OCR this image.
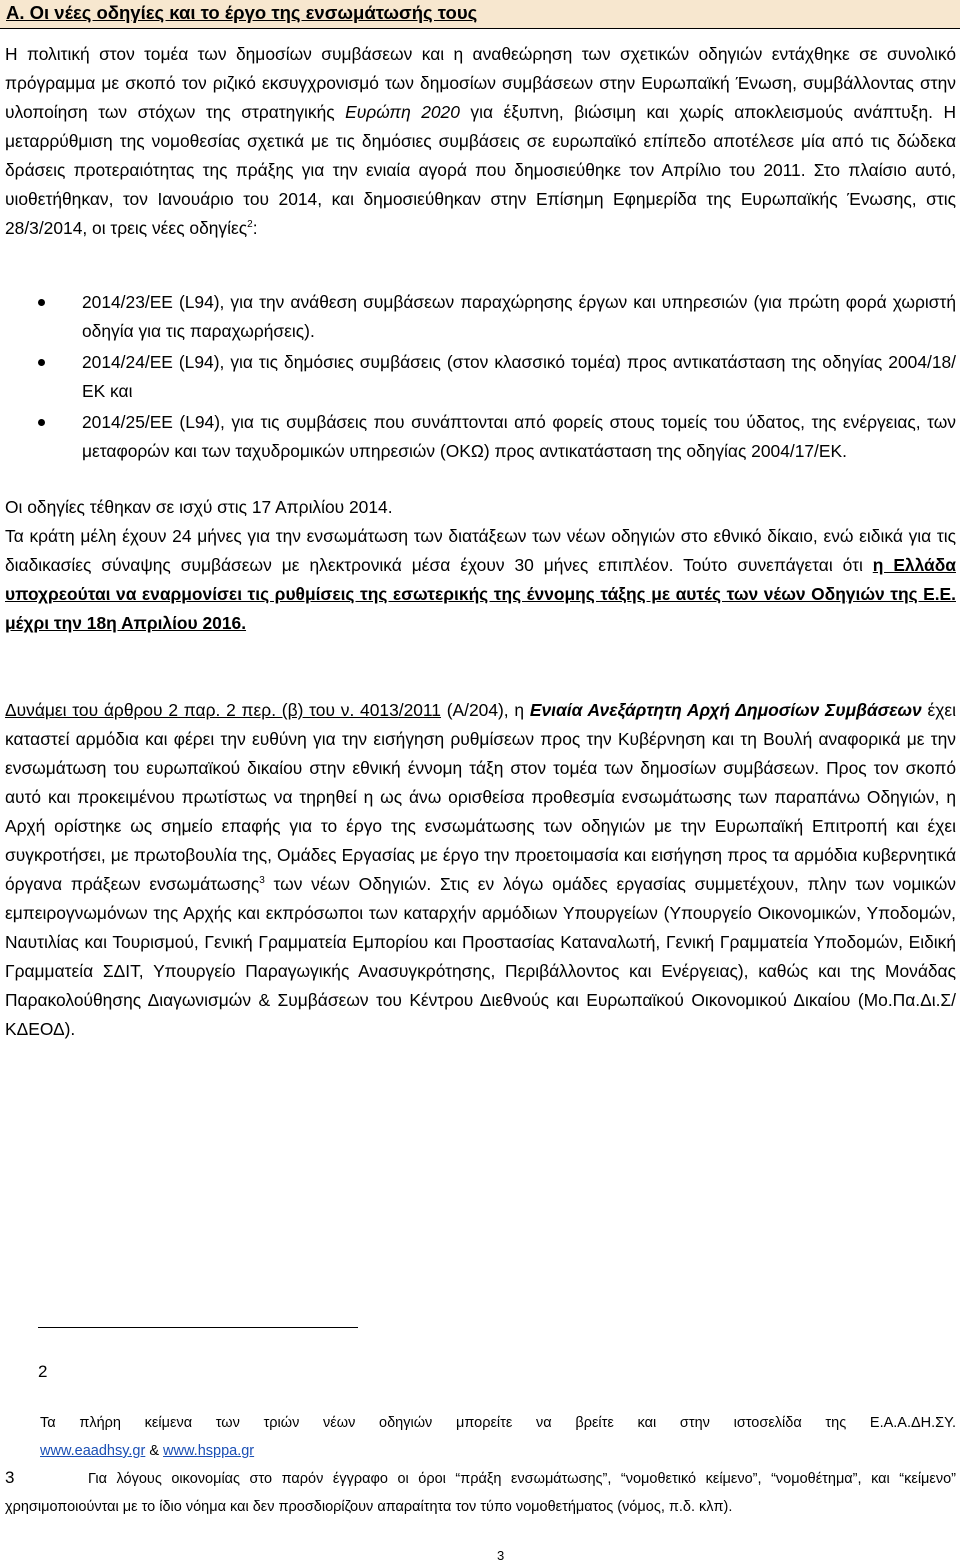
A. Οι νέες οδηγίες και το έργο της ενσωμάτωσής τους

Η πολιτική στον τομέα των δημοσίων συμβάσεων και η αναθεώρηση των σχετικών οδηγιών εντάχθηκε σε συνολικό πρόγραμμα με σκοπό τον ριζικό εκσυγχρονισμό των δημοσίων συμβάσεων στην Ευρωπαϊκή Ένωση, συμβάλλοντας στην υλοποίηση των στόχων της στρατηγικής Ευρώπη 2020 για έξυπνη, βιώσιμη και χωρίς αποκλεισμούς ανάπτυξη. Η μεταρρύθμιση της νομοθεσίας σχετικά με τις δημόσιες συμβάσεις σε ευρωπαϊκό επίπεδο αποτέλεσε μία από τις δώδεκα δράσεις προτεραιότητας της πράξης για την ενιαία αγορά που δημοσιεύθηκε τον Απρίλιο του 2011. Στο πλαίσιο αυτό, υιοθετήθηκαν, τον Ιανουάριο του 2014, και δημοσιεύθηκαν στην Επίσημη Εφημερίδα της Ευρωπαϊκής Ένωσης, στις 28/3/2014, οι τρεις νέες οδηγίες$^2$:

2014/23/ΕΕ (L94), για την ανάθεση συμβάσεων παραχώρησης έργων και υπηρεσιών (για πρώτη φορά χωριστή οδηγία για τις παραχωρήσεις).
2014/24/ΕΕ (L94), για τις δημόσιες συμβάσεις (στον κλασσικό τομέα) προς αντικατάσταση της οδηγίας 2004/18/ΕΚ και
2014/25/ΕΕ (L94), για τις συμβάσεις που συνάπτονται από φορείς στους τομείς του ύδατος, της ενέργειας, των μεταφορών και των ταχυδρομικών υπηρεσιών (ΟΚΩ) προς αντικατάσταση της οδηγίας 2004/17/ΕΚ.

Οι οδηγίες τέθηκαν σε ισχύ στις 17 Απριλίου 2014.

Τα κράτη μέλη έχουν 24 μήνες για την ενσωμάτωση των διατάξεων των νέων οδηγιών στο εθνικό δίκαιο, ενώ ειδικά για τις διαδικασίες σύναψης συμβάσεων με ηλεκτρονικά μέσα έχουν 30 μήνες επιπλέον. Τούτο συνεπάγεται ότι η Ελλάδα υποχρεούται να εναρμονίσει τις ρυθμίσεις της εσωτερικής της έννομης τάξης με αυτές των νέων Οδηγιών της Ε.Ε. μέχρι την 18η Απριλίου 2016.

Δυνάμει του άρθρου 2 παρ. 2 περ. (β) του ν. 4013/2011 (Α/204), η Ενιαία Ανεξάρτητη Αρχή Δημοσίων Συμβάσεων έχει καταστεί αρμόδια και φέρει την ευθύνη για την εισήγηση ρυθμίσεων προς την Κυβέρνηση και τη Βουλή αναφορικά με την ενσωμάτωση του ευρωπαϊκού δικαίου στην εθνική έννομη τάξη στον τομέα των δημοσίων συμβάσεων. Προς τον σκοπό αυτό και προκειμένου πρωτίστως να τηρηθεί η ως άνω ορισθείσα προθεσμία ενσωμάτωσης των παραπάνω Οδηγιών, η Αρχή ορίστηκε ως σημείο επαφής για το έργο της ενσωμάτωσης των οδηγιών με την Ευρωπαϊκή Επιτροπή και έχει συγκροτήσει, με πρωτοβουλία της, Ομάδες Εργασίας με έργο την προετοιμασία και εισήγηση προς τα αρμόδια κυβερνητικά όργανα πράξεων ενσωμάτωσης$^3$ των νέων Οδηγιών. Στις εν λόγω ομάδες εργασίας συμμετέχουν, πλην των νομικών εμπειρογνωμόνων της Αρχής και εκπρόσωποι των καταρχήν αρμόδιων Υπουργείων (Υπουργείο Οικονομικών, Υποδομών, Ναυτιλίας και Τουρισμού, Γενική Γραμματεία Εμπορίου και Προστασίας Καταναλωτή, Γενική Γραμματεία Υποδομών, Ειδική Γραμματεία ΣΔΙΤ, Υπουργείο Παραγωγικής Ανασυγκρότησης, Περιβάλλοντος και Ενέργειας), καθώς και της Μονάδας Παρακολούθησης Διαγωνισμών & Συμβάσεων του Κέντρου Διεθνούς και Ευρωπαϊκού Οικονομικού Δικαίου (Μο.Πα.Δι.Σ/ΚΔΕΟΔ).

2
Τα πλήρη κείμενα των τριών νέων οδηγιών μπορείτε να βρείτε και στην ιστοσελίδα της Ε.Α.Α.ΔΗ.ΣΥ.
www.eaadhsy.gr & www.hsppa.gr
3	Για λόγους οικονομίας στο παρόν έγγραφο οι όροι “πράξη ενσωμάτωσης”, “νομοθετικό κείμενο”, “νομοθέτημα”, και “κείμενο” χρησιμοποιούνται με το ίδιο νόημα και δεν προσδιορίζουν απαραίτητα τον τύπο νομοθετήματος (νόμος, π.δ. κλπ).
3
